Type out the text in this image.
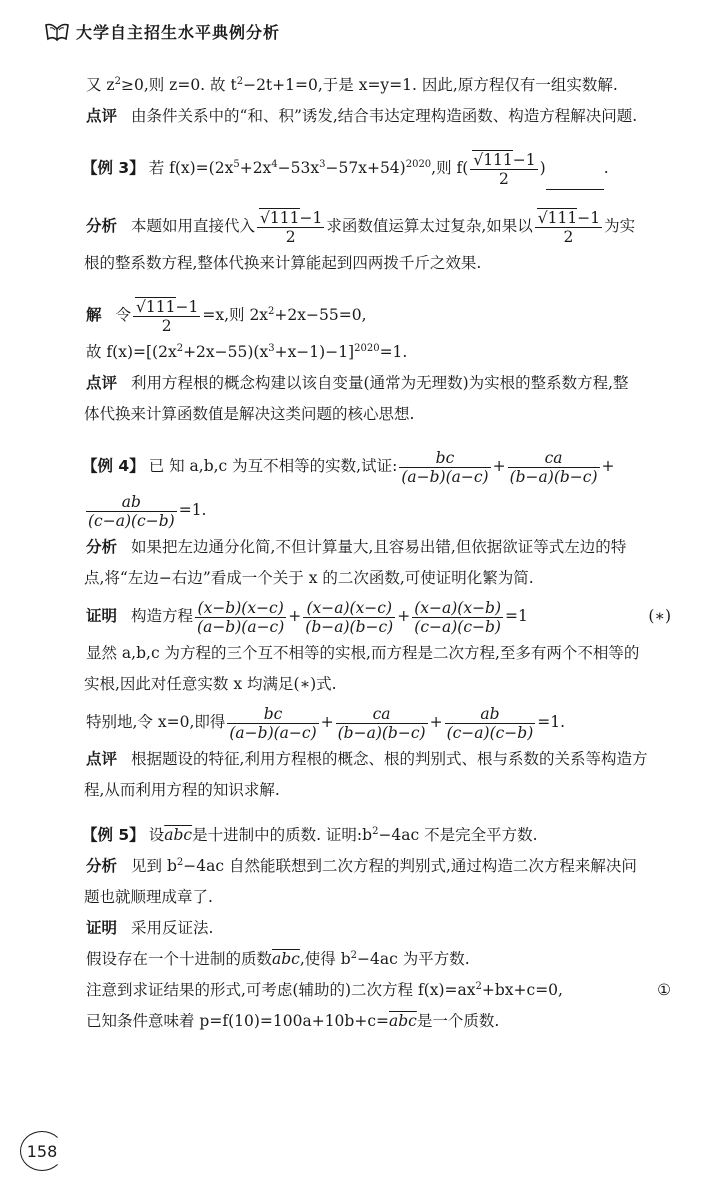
大学自主招生水平典例分析
又 $z^2\ge 0$,则 z=0. 故 $t^2-2t+1=0$,于是 x=y=1. 因此,原方程仅有一组实数解.
点评 由条件关系中的“和、积”诱发,结合韦达定理构造函数、构造方程解决问题.
【例 3】 若 $f(x)=(2x^5+2x^4-53x^3-57x+54)^{2020}$,则 $f( \frac{√111-1}{2}$ )	.
分析 本题如用直接代入 $\frac{√111-1}{2}$ 求函数值运算太过复杂,如果以 $\frac{√111-1}{2}$ 为实
根的整系数方程,整体代换来计算能起到四两拨千斤之效果.
解 令 $\frac{√111-1}{2} =x$,则 $2x^2+2x-55=0$,
故 $f(x)=[(2x^2+2x-55)(x^3+x-1)-1]^{2020}=1$.
点评 利用方程根的概念构建以该自变量(通常为无理数)为实根的整系数方程,整
体代换来计算函数值是解决这类问题的核心思想.
【例 4】 已 知 a,b,c 为互不相等的实数,试证: $\frac{bc}{(a-b)(a-c)} + \frac{ca}{(b-a)(b-c)}$ +
$\frac{ab}{(c-a)(c-b)} =1$.
分析 如果把左边通分化简,不但计算量大,且容易出错,但依据欲证等式左边的特
点,将“左边−右边”看成一个关于 x 的二次函数,可使证明化繁为简.
证明 构造方程 $\frac{(x-b)(x-c)}{(a-b)(a-c)} + \frac{(x-a)(x-c)}{(b-a)(b-c)} + \frac{(x-a)(x-b)}{(c-a)(c-b)} =1$	(∗)
显然 a,b,c 为方程的三个互不相等的实根,而方程是二次方程,至多有两个不相等的
实根,因此对任意实数 x 均满足(∗)式.
特别地,令 x=0,即得 $\frac{bc}{(a-b)(a-c)} + \frac{ca}{(b-a)(b-c)} + \frac{ab}{(c-a)(c-b)} =1$.
点评 根据题设的特征,利用方程根的概念、根的判别式、根与系数的关系等构造方
程,从而利用方程的知识求解.
【例 5】 设$\overline{abc}$是十进制中的质数. 证明$:b^2-4ac$ 不是完全平方数.
分析 见到 $b^2-4ac$ 自然能联想到二次方程的判别式,通过构造二次方程来解决问
题也就顺理成章了.
证明 采用反证法.
假设存在一个十进制的质数$\overline{abc}$,使得 $b^2-4ac$ 为平方数.
注意到求证结果的形式,可考虑(辅助的)二次方程 $f(x)=ax^2+bx+c=0$,	①
已知条件意味着 $p=f(10)=100a+10b+c=\overline{abc}$是一个质数.
158
